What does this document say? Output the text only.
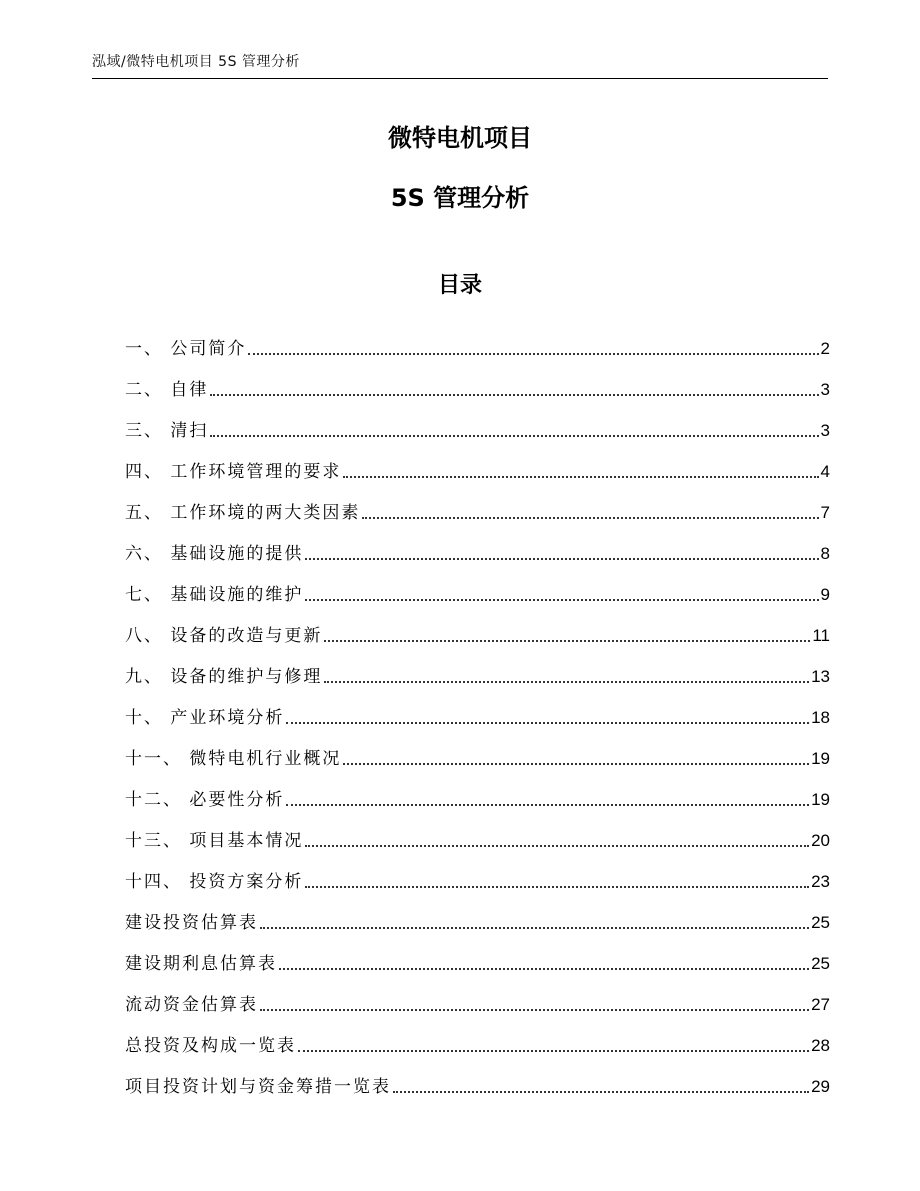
泓域/微特电机项目 5S 管理分析
微特电机项目
5S 管理分析
目录
一、 公司简介	2
二、 自律	3
三、 清扫	3
四、 工作环境管理的要求	4
五、 工作环境的两大类因素	7
六、 基础设施的提供	8
七、 基础设施的维护	9
八、 设备的改造与更新	11
九、 设备的维护与修理	13
十、 产业环境分析	18
十一、 微特电机行业概况	19
十二、 必要性分析	19
十三、 项目基本情况	20
十四、 投资方案分析	23
建设投资估算表	25
建设期利息估算表	25
流动资金估算表	27
总投资及构成一览表	28
项目投资计划与资金筹措一览表	29
